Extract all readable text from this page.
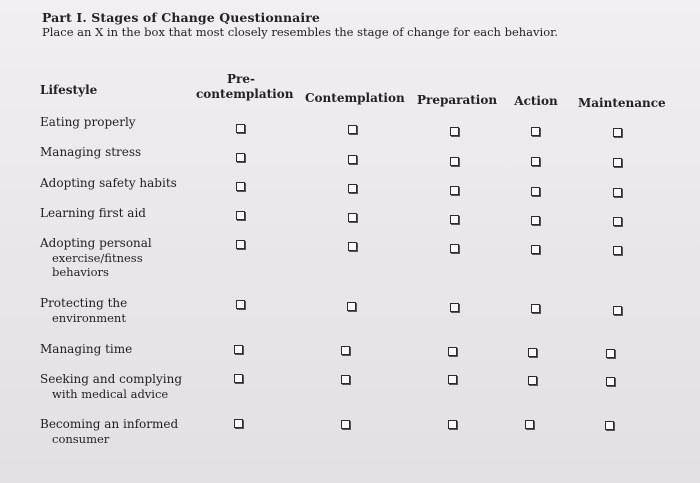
Part I. Stages of Change Questionnaire
Place an X in the box that most closely resembles the stage of change for each behavior.
Lifestyle
Pre-
contemplation Contemplation Preparation	Action	Maintenance
Eating properly
Managing stress
Adopting safety habits
Learning first aid
Adopting personal
exercise/fitness
behaviors
Protecting the
environment
Managing time
Seeking and complying
with medical advice
Becoming an informed
consumer
